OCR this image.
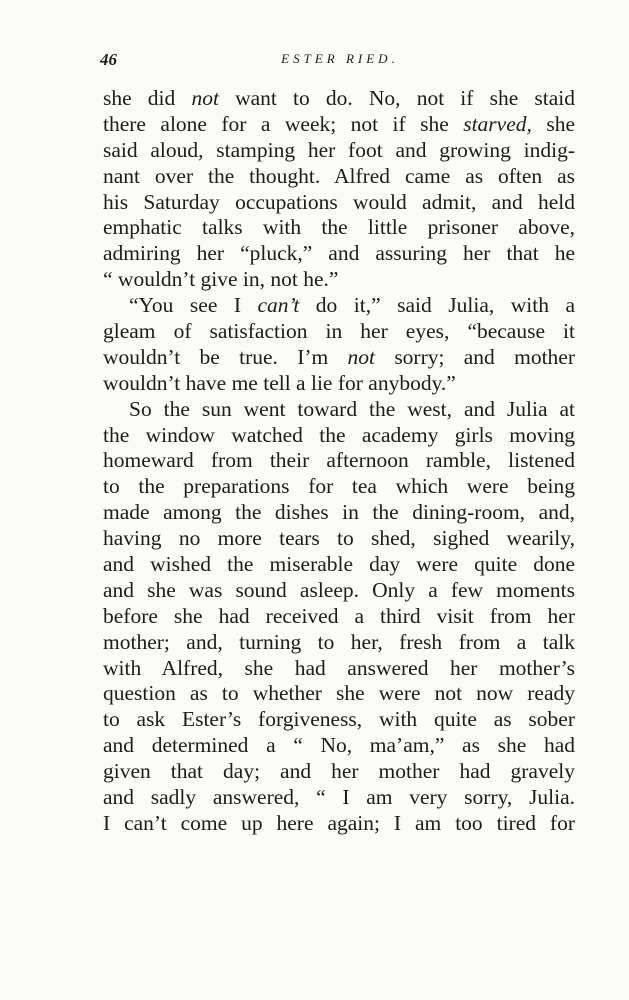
46	ESTER RIED.
she did not want to do. No, not if she staid
there alone for a week; not if she starved, she
said aloud, stamping her foot and growing indig-
nant over the thought. Alfred came as often as
his Saturday occupations would admit, and held
emphatic talks with the little prisoner above,
admiring her “pluck,” and assuring her that he
“ wouldn’t give in, not he.”
“You see I can’t do it,” said Julia, with a
gleam of satisfaction in her eyes, “because it
wouldn’t be true. I’m not sorry; and mother
wouldn’t have me tell a lie for anybody.”
So the sun went toward the west, and Julia at
the window watched the academy girls moving
homeward from their afternoon ramble, listened
to the preparations for tea which were being
made among the dishes in the dining-room, and,
having no more tears to shed, sighed wearily,
and wished the miserable day were quite done
and she was sound asleep. Only a few moments
before she had received a third visit from her
mother; and, turning to her, fresh from a talk
with Alfred, she had answered her mother’s
question as to whether she were not now ready
to ask Ester’s forgiveness, with quite as sober
and determined a “ No, ma’am,” as she had
given that day; and her mother had gravely
and sadly answered, “ I am very sorry, Julia.
I can’t come up here again; I am too tired for
